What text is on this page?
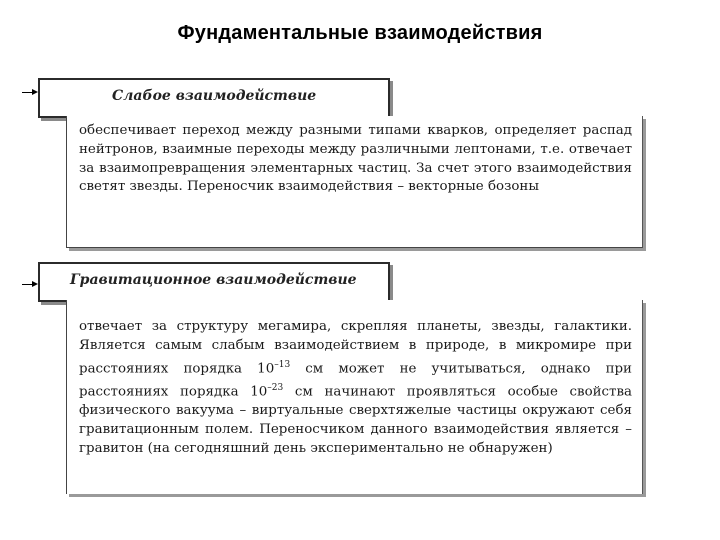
Фундаментальные взаимодействия
Слабое взаимодействие
обеспечивает переход между разными типами кварков, определяет распад нейтронов, взаимные переходы между различными лептонами, т.е. отвечает за взаимопревращения элементарных частиц. За счет этого взаимодействия светят звезды. Переносчик взаимодействия – векторные бозоны
Гравитационное взаимодействие
отвечает за структуру мегамира, скрепляя планеты, звезды, галактики. Является самым слабым взаимодействием в природе, в микромире при расстояниях порядка $10^{-13}$ см может не учитываться, однако при расстояниях порядка $10^{-23}$ см начинают проявляться особые свойства физического вакуума – виртуальные сверхтяжелые частицы окружают себя гравитационным полем. Переносчиком данного взаимодействия является – гравитон (на сегодняшний день экспериментально не обнаружен)
